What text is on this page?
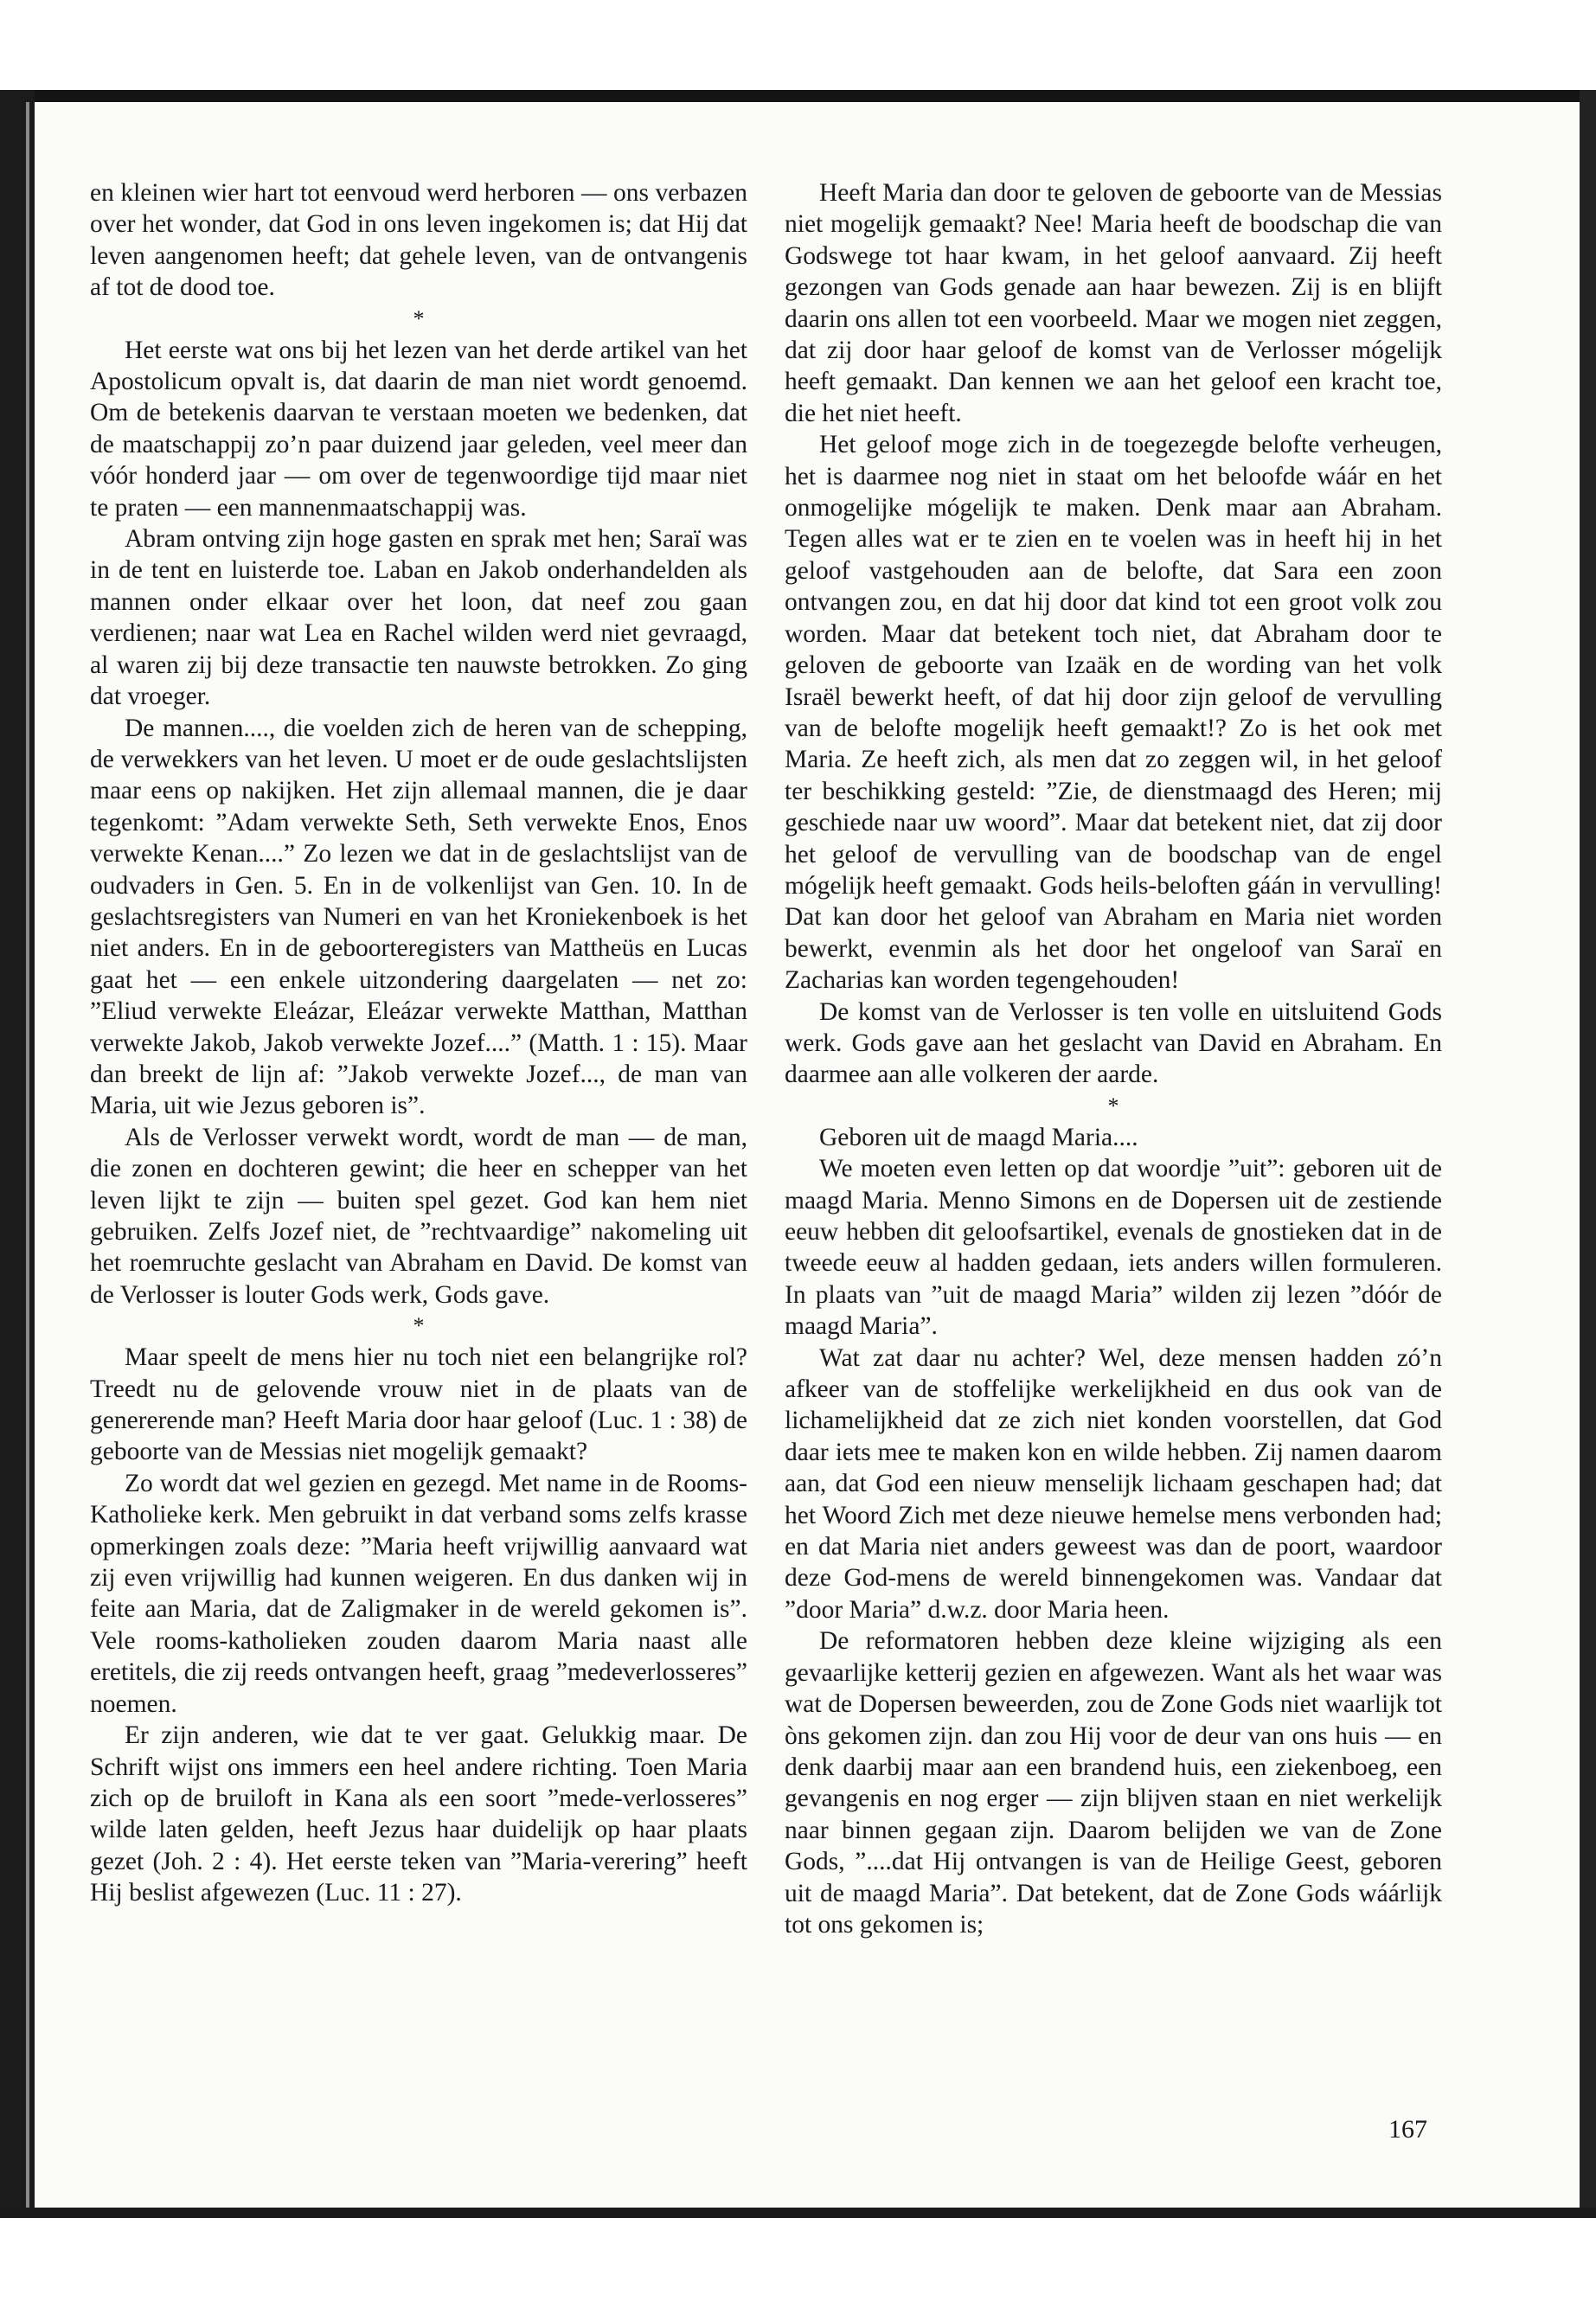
en kleinen wier hart tot eenvoud werd herboren — ons verbazen over het wonder, dat God in ons leven ingekomen is; dat Hij dat leven aangenomen heeft; dat gehele leven, van de ontvangenis af tot de dood toe.

*

Het eerste wat ons bij het lezen van het derde artikel van het Apostolicum opvalt is, dat daarin de man niet wordt genoemd. Om de betekenis daarvan te verstaan moeten we bedenken, dat de maatschappij zo’n paar duizend jaar geleden, veel meer dan vóór honderd jaar — om over de tegenwoordige tijd maar niet te praten — een mannenmaatschappij was.

Abram ontving zijn hoge gasten en sprak met hen; Saraï was in de tent en luisterde toe. Laban en Jakob onderhandelden als mannen onder elkaar over het loon, dat neef zou gaan verdienen; naar wat Lea en Rachel wilden werd niet gevraagd, al waren zij bij deze transactie ten nauwste betrokken. Zo ging dat vroeger.

De mannen...., die voelden zich de heren van de schepping, de verwekkers van het leven. U moet er de oude geslachtslijsten maar eens op nakijken. Het zijn allemaal mannen, die je daar tegenkomt: ”Adam verwekte Seth, Seth verwekte Enos, Enos verwekte Kenan....” Zo lezen we dat in de geslachtslijst van de oudvaders in Gen. 5. En in de volkenlijst van Gen. 10. In de geslachtsregisters van Numeri en van het Kroniekenboek is het niet anders. En in de geboorteregisters van Mattheüs en Lucas gaat het — een enkele uitzondering daargelaten — net zo: ”Eliud verwekte Eleázar, Eleázar verwekte Matthan, Matthan verwekte Jakob, Jakob verwekte Jozef....” (Matth. 1 : 15). Maar dan breekt de lijn af: ”Jakob verwekte Jozef..., de man van Maria, uit wie Jezus geboren is”.

Als de Verlosser verwekt wordt, wordt de man — de man, die zonen en dochteren gewint; die heer en schepper van het leven lijkt te zijn — buiten spel gezet. God kan hem niet gebruiken. Zelfs Jozef niet, de ”rechtvaardige” nakomeling uit het roemruchte geslacht van Abraham en David. De komst van de Verlosser is louter Gods werk, Gods gave.

*

Maar speelt de mens hier nu toch niet een belangrijke rol? Treedt nu de gelovende vrouw niet in de plaats van de genererende man? Heeft Maria door haar geloof (Luc. 1 : 38) de geboorte van de Messias niet mogelijk gemaakt?

Zo wordt dat wel gezien en gezegd. Met name in de Rooms-Katholieke kerk. Men gebruikt in dat verband soms zelfs krasse opmerkingen zoals deze: ”Maria heeft vrijwillig aanvaard wat zij even vrijwillig had kunnen weigeren. En dus danken wij in feite aan Maria, dat de Zaligmaker in de wereld gekomen is”. Vele rooms-katholieken zouden daarom Maria naast alle eretitels, die zij reeds ontvangen heeft, graag ”medeverlosseres” noemen.

Er zijn anderen, wie dat te ver gaat. Gelukkig maar. De Schrift wijst ons immers een heel andere richting. Toen Maria zich op de bruiloft in Kana als een soort ”mede-verlosseres” wilde laten gelden, heeft Jezus haar duidelijk op haar plaats gezet (Joh. 2 : 4). Het eerste teken van ”Maria-verering” heeft Hij beslist afgewezen (Luc. 11 : 27).

Heeft Maria dan door te geloven de geboorte van de Messias niet mogelijk gemaakt? Nee! Maria heeft de boodschap die van Godswege tot haar kwam, in het geloof aanvaard. Zij heeft gezongen van Gods genade aan haar bewezen. Zij is en blijft daarin ons allen tot een voorbeeld. Maar we mogen niet zeggen, dat zij door haar geloof de komst van de Verlosser mógelijk heeft gemaakt. Dan kennen we aan het geloof een kracht toe, die het niet heeft.

Het geloof moge zich in de toegezegde belofte verheugen, het is daarmee nog niet in staat om het beloofde wáár en het onmogelijke mógelijk te maken. Denk maar aan Abraham. Tegen alles wat er te zien en te voelen was in heeft hij in het geloof vastgehouden aan de belofte, dat Sara een zoon ontvangen zou, en dat hij door dat kind tot een groot volk zou worden. Maar dat betekent toch niet, dat Abraham door te geloven de geboorte van Izaäk en de wording van het volk Israël bewerkt heeft, of dat hij door zijn geloof de vervulling van de belofte mogelijk heeft gemaakt!? Zo is het ook met Maria. Ze heeft zich, als men dat zo zeggen wil, in het geloof ter beschikking gesteld: ”Zie, de dienstmaagd des Heren; mij geschiede naar uw woord”. Maar dat betekent niet, dat zij door het geloof de vervulling van de boodschap van de engel mógelijk heeft gemaakt. Gods heils-beloften gáán in vervulling! Dat kan door het geloof van Abraham en Maria niet worden bewerkt, evenmin als het door het ongeloof van Saraï en Zacharias kan worden tegengehouden!

De komst van de Verlosser is ten volle en uitsluitend Gods werk. Gods gave aan het geslacht van David en Abraham. En daarmee aan alle volkeren der aarde.

*

Geboren uit de maagd Maria....

We moeten even letten op dat woordje ”uit”: geboren uit de maagd Maria. Menno Simons en de Dopersen uit de zestiende eeuw hebben dit geloofsartikel, evenals de gnostieken dat in de tweede eeuw al hadden gedaan, iets anders willen formuleren. In plaats van ”uit de maagd Maria” wilden zij lezen ”dóór de maagd Maria”.

Wat zat daar nu achter? Wel, deze mensen hadden zó’n afkeer van de stoffelijke werkelijkheid en dus ook van de lichamelijkheid dat ze zich niet konden voorstellen, dat God daar iets mee te maken kon en wilde hebben. Zij namen daarom aan, dat God een nieuw menselijk lichaam geschapen had; dat het Woord Zich met deze nieuwe hemelse mens verbonden had; en dat Maria niet anders geweest was dan de poort, waardoor deze God-mens de wereld binnengekomen was. Vandaar dat ”door Maria” d.w.z. door Maria heen.

De reformatoren hebben deze kleine wijziging als een gevaarlijke ketterij gezien en afgewezen. Want als het waar was wat de Dopersen beweerden, zou de Zone Gods niet waarlijk tot òns gekomen zijn. dan zou Hij voor de deur van ons huis — en denk daarbij maar aan een brandend huis, een ziekenboeg, een gevangenis en nog erger — zijn blijven staan en niet werkelijk naar binnen gegaan zijn. Daarom belijden we van de Zone Gods, ”....dat Hij ontvangen is van de Heilige Geest, geboren uit de maagd Maria”. Dat betekent, dat de Zone Gods wáárlijk tot ons gekomen is;

167
